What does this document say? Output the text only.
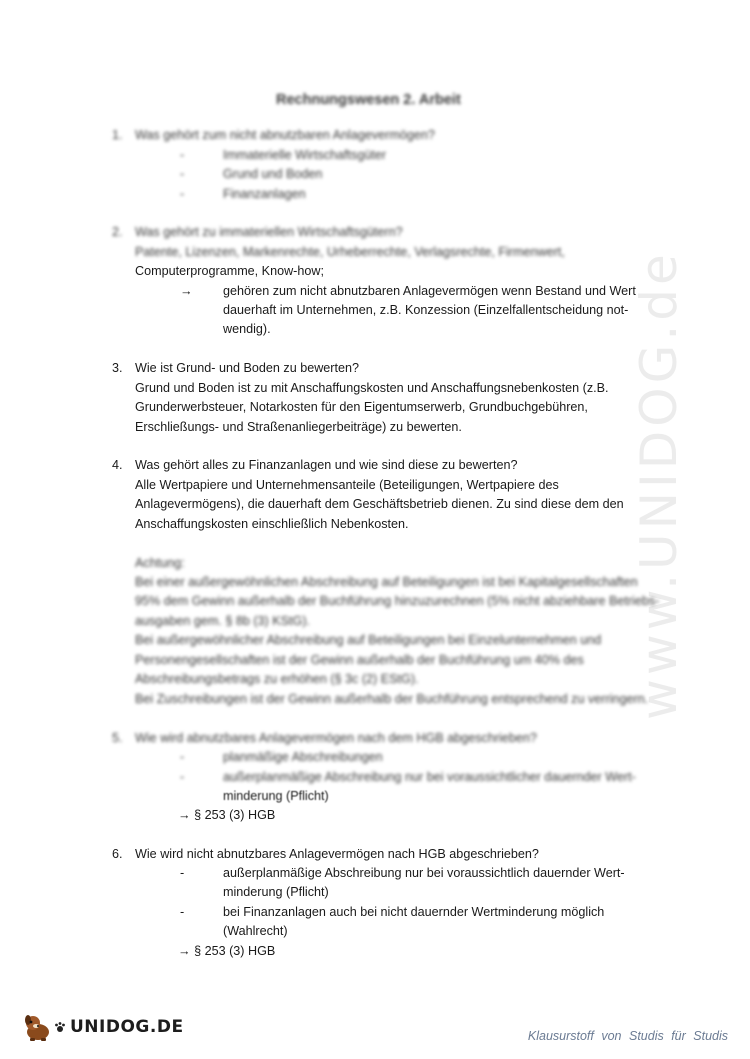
www.UNIDOG.de
Rechnungswesen 2. Arbeit
1. Was gehört zum nicht abnutzbaren Anlagevermögen?
-	Immaterielle Wirtschaftsgüter
-	Grund und Boden
-	Finanzanlagen
2. Was gehört zu immateriellen Wirtschaftsgütern?
Patente, Lizenzen, Markenrechte, Urheberrechte, Verlagsrechte, Firmenwert,
Computerprogramme, Know-how;
→ gehören zum nicht abnutzbaren Anlagevermögen wenn Bestand und Wert
dauerhaft im Unternehmen, z.B. Konzession (Einzelfallentscheidung not-
wendig).
3. Wie ist Grund- und Boden zu bewerten?
Grund und Boden ist zu mit Anschaffungskosten und Anschaffungsnebenkosten (z.B.
Grunderwerbsteuer, Notarkosten für den Eigentumserwerb, Grundbuchgebühren,
Erschließungs- und Straßenanliegerbeiträge) zu bewerten.
4. Was gehört alles zu Finanzanlagen und wie sind diese zu bewerten?
Alle Wertpapiere und Unternehmensanteile (Beteiligungen, Wertpapiere des
Anlagevermögens), die dauerhaft dem Geschäftsbetrieb dienen. Zu sind diese dem den
Anschaffungskosten einschließlich Nebenkosten.
Achtung:
Bei einer außergewöhnlichen Abschreibung auf Beteiligungen ist bei Kapitalgesellschaften
95% dem Gewinn außerhalb der Buchführung hinzuzurechnen (5% nicht abziehbare Betriebs-
ausgaben gem. § 8b (3) KStG).
Bei außergewöhnlicher Abschreibung auf Beteiligungen bei Einzelunternehmen und
Personengesellschaften ist der Gewinn außerhalb der Buchführung um 40% des
Abschreibungsbetrags zu erhöhen (§ 3c (2) EStG).
Bei Zuschreibungen ist der Gewinn außerhalb der Buchführung entsprechend zu verringern.
5. Wie wird abnutzbares Anlagevermögen nach dem HGB abgeschrieben?
-	planmäßige Abschreibungen
-	außerplanmäßige Abschreibung nur bei voraussichtlicher dauernder Wert-
minderung (Pflicht)
→ § 253 (3) HGB
6. Wie wird nicht abnutzbares Anlagevermögen nach HGB abgeschrieben?
-	außerplanmäßige Abschreibung nur bei voraussichtlich dauernder Wert-
minderung (Pflicht)
-	bei Finanzanlagen auch bei nicht dauernder Wertminderung möglich
(Wahlrecht)
→ § 253 (3) HGB
UNIDOG.DE	Klausurstoff von Studis für Studis
